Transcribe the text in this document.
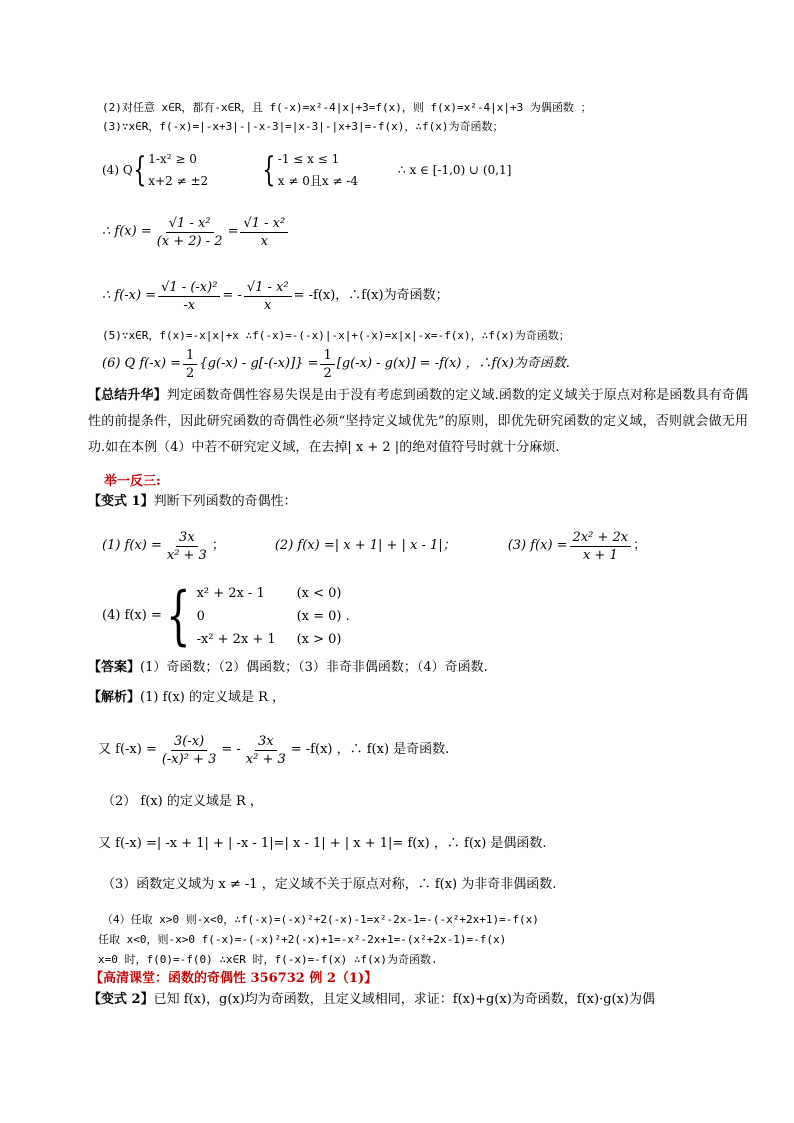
(2)对任意 x∈R，都有-x∈R，且 f(-x)=x²-4|x|+3=f(x)，则 f(x)=x²-4|x|+3 为偶函数 ；
(3)∵x∈R，f(-x)=|-x+3|-|-x-3|=|x-3|-|x+3|=-f(x)，∴f(x)为奇函数；
(4) Q { 1-x² ≥ 0
x+2 ≠ ±2 { -1 ≤ x ≤ 1
x ≠ 0且x ≠ -4
∴ x ∈ [-1,0) ∪ (0,1]
∴ $f(x) = \frac{\text{√1 - x²}}{(x + 2) - 2} = \frac{\text{√1 - x²}}{x}$
∴ $f(-x) = \frac{\text{√1 - (-x)²}}{-x}$ = - $\frac{\text{√1 - x²}}{x} = -f(x)$，∴f(x)为奇函数；
(5)∵x∈R，f(x)=-x|x|+x ∴f(-x)=-(-x)|-x|+(-x)=x|x|-x=-f(x)，∴f(x)为奇函数；
(6) Q $f(-x) = \frac{1}{2} \{g(-x) - g[-(-x)]\} = \frac{1}{2} [g(-x) - g(x)] = -f(x)$ ，∴f(x)为奇函数.
【总结升华】判定函数奇偶性容易失误是由于没有考虑到函数的定义域.函数的定义域关于原点对称是函数具有奇偶性的前提条件，因此研究函数的奇偶性必须“坚持定义域优先”的原则，即优先研究函数的定义域，否则就会做无用功.如在本例（4）中若不研究定义域，在去掉| x + 2 |的绝对值符号时就十分麻烦.
举一反三:
【变式 1】判断下列函数的奇偶性：
(1) $f(x) = \frac{3x}{\text{x² + 3}}$ ；	(2) f(x) =| x + 1| + | x - 1|；	(3) $f(x) = \frac{\text{2x² + 2x}}{x + 1}$ ；
(4) f(x) = { x² + 2x - 1	(x < 0)
0	(x = 0) .
-x² + 2x + 1	(x > 0)
【答案】(1）奇函数；（2）偶函数；（3）非奇非偶函数；（4）奇函数.
【解析】(1) f(x) 的定义域是 R ，
又 $f(-x) = \frac{3(-x)}{\text{(-x)² + 3}}$ = - $\frac{3x}{\text{x² + 3}} = -f(x)$ ，∴ f(x) 是奇函数.
（2） f(x) 的定义域是 R ，
又 f(-x) =| -x + 1| + | -x - 1|=| x - 1| + | x + 1|= f(x) ，∴ f(x) 是偶函数.
（3）函数定义域为 x ≠ -1 ，定义域不关于原点对称，∴ f(x) 为非奇非偶函数.
（4）任取 x>0 则-x<0，∴f(-x)=(-x)²+2(-x)-1=x²-2x-1=-(-x²+2x+1)=-f(x)
任取 x<0，则-x>0 f(-x)=-(-x)²+2(-x)+1=-x²-2x+1=-(x²+2x-1)=-f(x)
x=0 时，f(0)=-f(0) ∴x∈R 时，f(-x)=-f(x) ∴f(x)为奇函数.
【高清课堂：函数的奇偶性 356732 例 2（1)】
【变式 2】已知 f(x)，g(x)均为奇函数，且定义域相同，求证：f(x)+g(x)为奇函数，f(x)·g(x)为偶
